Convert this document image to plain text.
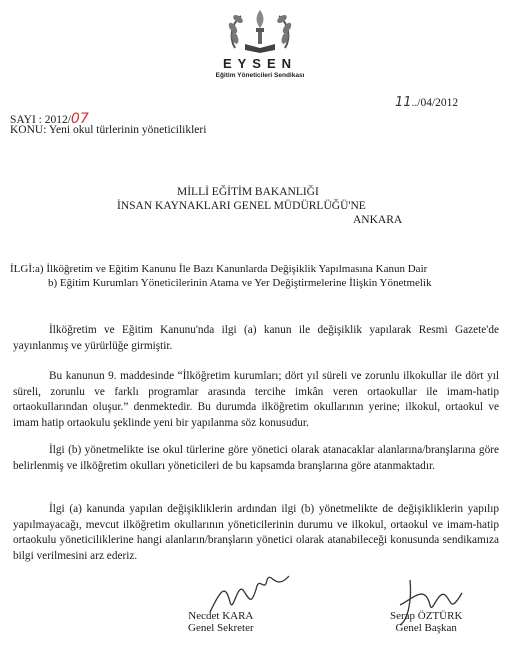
2010
EYSEN
Eğitim Yöneticileri Sendikası
11../04/2012
SAYI : 2012/07
KONU: Yeni okul türlerinin yöneticilikleri
MİLLİ EĞİTİM BAKANLIĞI
İNSAN KAYNAKLARI GENEL MÜDÜRLÜĞÜ'NE
ANKARA
İLGİ:a) İlköğretim ve Eğitim Kanunu İle Bazı Kanunlarda Değişiklik Yapılmasına Kanun Dair
b) Eğitim Kurumları Yöneticilerinin Atama ve Yer Değiştirmelerine İlişkin Yönetmelik

İlköğretim ve Eğitim Kanunu'nda ilgi (a) kanun ile değişiklik yapılarak Resmi Gazete'de yayınlanmış ve yürürlüğe girmiştir.

Bu kanunun 9. maddesinde “İlköğretim kurumları; dört yıl süreli ve zorunlu ilkokullar ile dört yıl süreli, zorunlu ve farklı programlar arasında tercihe imkân veren ortaokullar ile imam-hatip ortaokullarından oluşur.” denmektedir. Bu durumda ilköğretim okullarının yerine; ilkokul, ortaokul ve imam hatip ortaokulu şeklinde yeni bir yapılanma söz konusudur.

İlgi (b) yönetmelikte ise okul türlerine göre yönetici olarak atanacaklar alanlarına/branşlarına göre belirlenmiş ve ilköğretim okulları yöneticileri de bu kapsamda branşlarına göre atanmaktadır.

İlgi (a) kanunda yapılan değişikliklerin ardından ilgi (b) yönetmelikte de değişikliklerin yapılıp yapılmayacağı, mevcut ilköğretim okullarının yöneticilerinin durumu ve ilkokul, ortaokul ve imam-hatip ortaokulu yöneticiliklerine hangi alanların/branşların yönetici olarak atanabileceği konusunda sendikamıza bilgi verilmesini arz ederiz.

Necdet KARA
Genel Sekreter
Serap ÖZTÜRK
Genel Başkan
